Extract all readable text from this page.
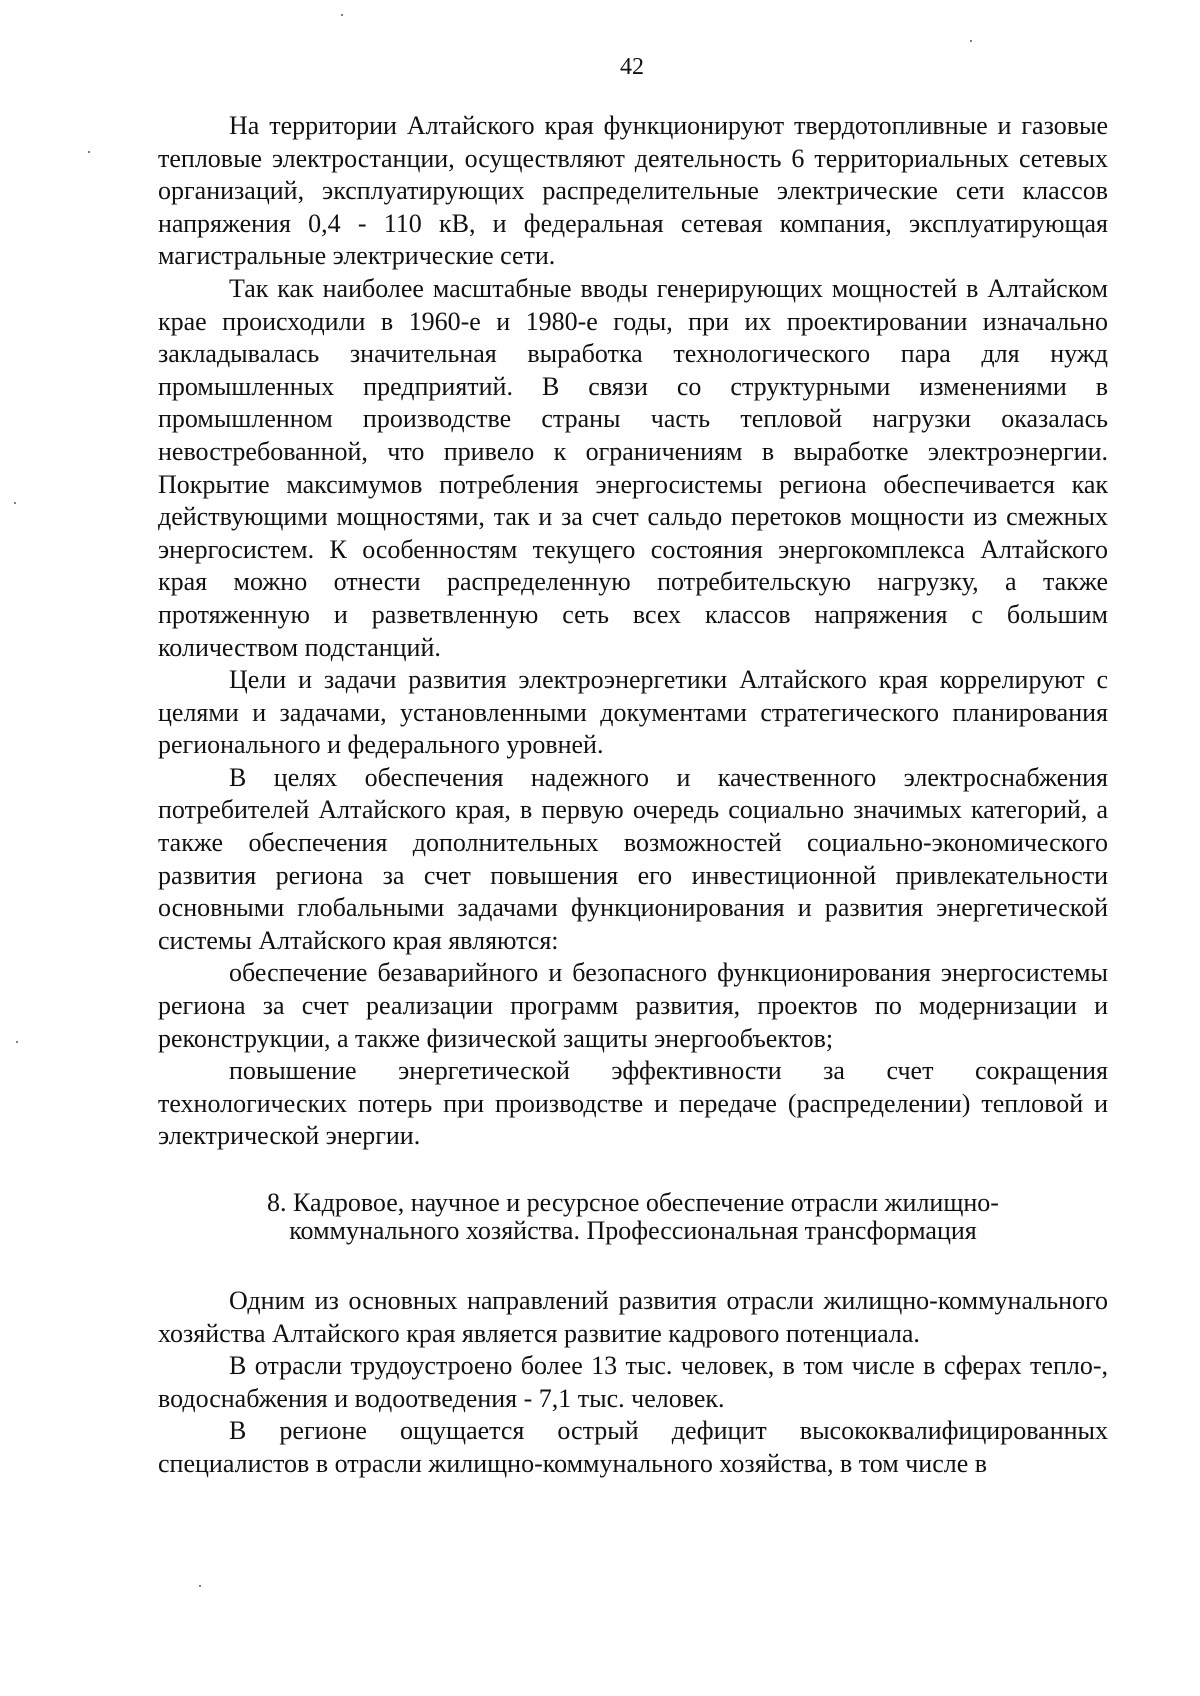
42

На территории Алтайского края функционируют твердотопливные и газовые тепловые электростанции, осуществляют деятельность 6 территориальных сетевых организаций, эксплуатирующих распределительные электрические сети классов напряжения 0,4 - 110 кВ, и федеральная сетевая компания, эксплуатирующая магистральные электрические сети.

Так как наиболее масштабные вводы генерирующих мощностей в Алтайском крае происходили в 1960-е и 1980-е годы, при их проектировании изначально закладывалась значительная выработка технологического пара для нужд промышленных предприятий. В связи со структурными изменениями в промышленном производстве страны часть тепловой нагрузки оказалась невостребованной, что привело к ограничениям в выработке электроэнергии. Покрытие максимумов потребления энергосистемы региона обеспечивается как действующими мощностями, так и за счет сальдо перетоков мощности из смежных энергосистем. К особенностям текущего состояния энергокомплекса Алтайского края можно отнести распределенную потребительскую нагрузку, а также протяженную и разветвленную сеть всех классов напряжения с большим количеством подстанций.

Цели и задачи развития электроэнергетики Алтайского края коррелируют с целями и задачами, установленными документами стратегического планирования регионального и федерального уровней.

В целях обеспечения надежного и качественного электроснабжения потребителей Алтайского края, в первую очередь социально значимых категорий, а также обеспечения дополнительных возможностей социально-экономического развития региона за счет повышения его инвестиционной привлекательности основными глобальными задачами функционирования и развития энергетической системы Алтайского края являются:

обеспечение безаварийного и безопасного функционирования энергосистемы региона за счет реализации программ развития, проектов по модернизации и реконструкции, а также физической защиты энергообъектов;

повышение энергетической эффективности за счет сокращения технологических потерь при производстве и передаче (распределении) тепловой и электрической энергии.

8. Кадровое, научное и ресурсное обеспечение отрасли жилищно-
коммунального хозяйства. Профессиональная трансформация

Одним из основных направлений развития отрасли жилищно-коммунального хозяйства Алтайского края является развитие кадрового потенциала.

В отрасли трудоустроено более 13 тыс. человек, в том числе в сферах тепло-, водоснабжения и водоотведения - 7,1 тыс. человек.

В регионе ощущается острый дефицит высококвалифицированных специалистов в отрасли жилищно-коммунального хозяйства, в том числе в
